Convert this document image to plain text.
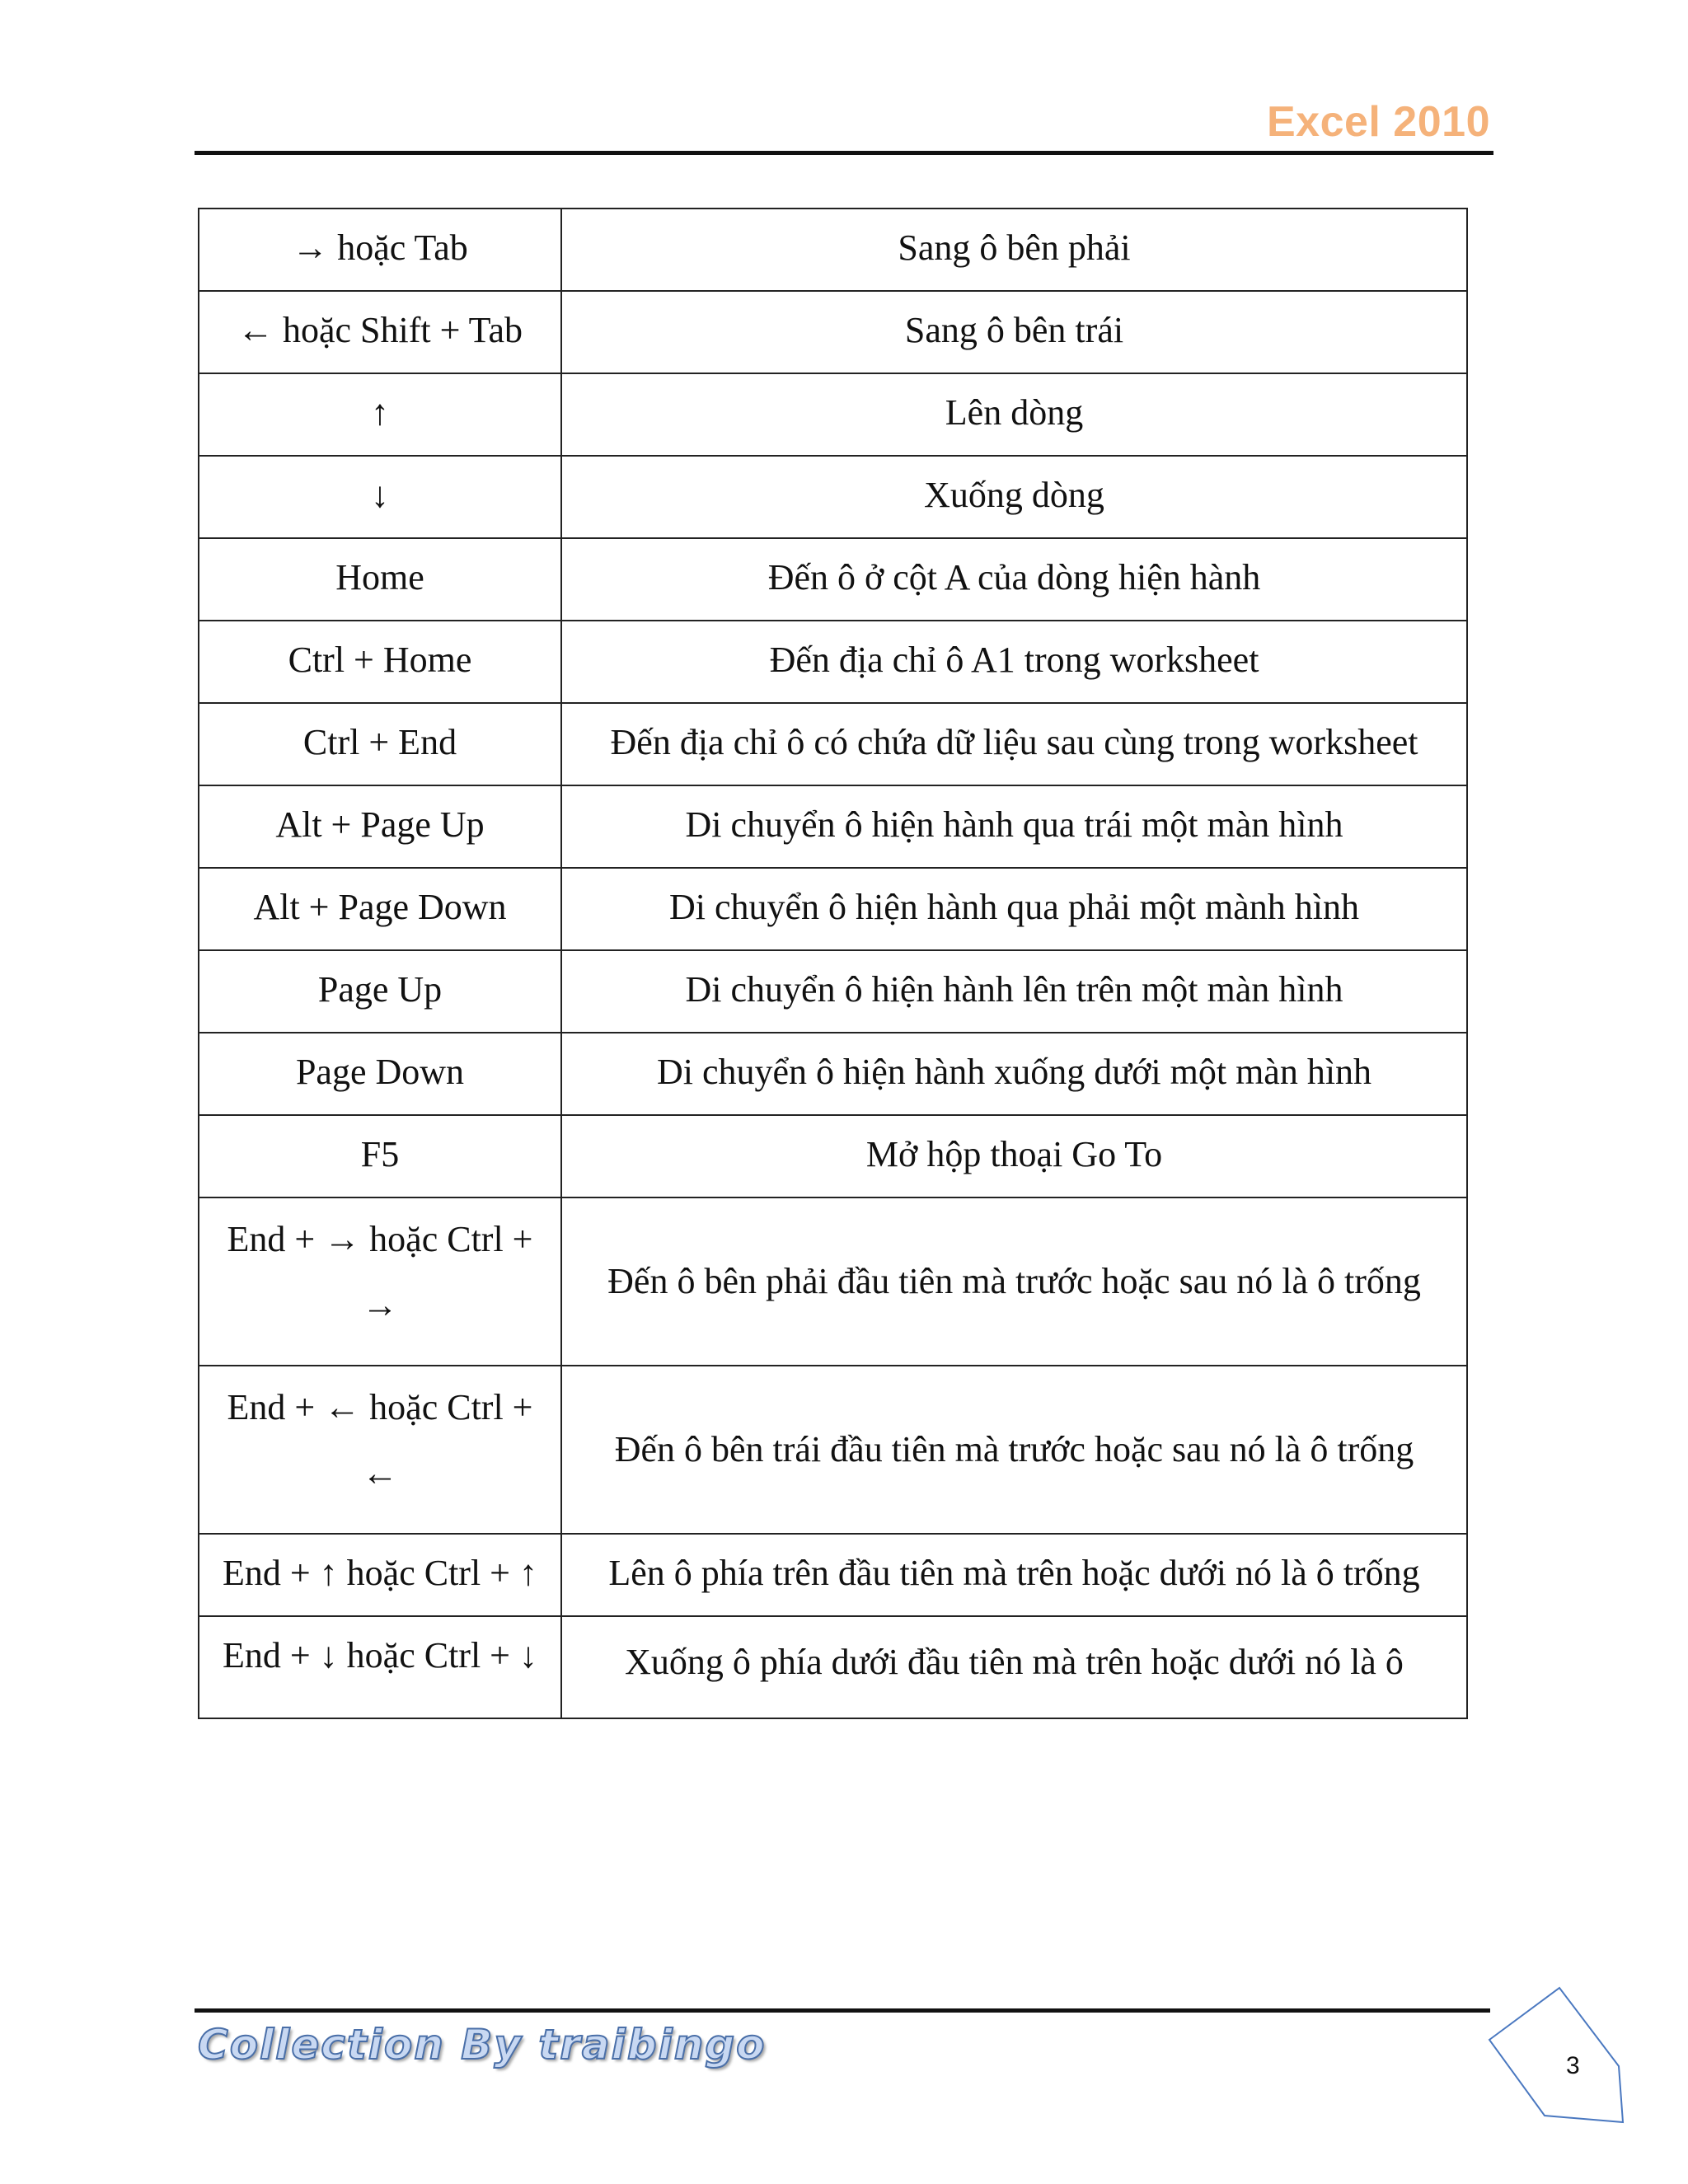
Excel 2010
→ hoặc Tab	Sang ô bên phải
← hoặc Shift + Tab	Sang ô bên trái
↑	Lên dòng
↓	Xuống dòng
Home	Đến ô ở cột A của dòng hiện hành
Ctrl + Home	Đến địa chỉ ô A1 trong worksheet
Ctrl + End	Đến địa chỉ ô có chứa dữ liệu sau cùng trong worksheet
Alt + Page Up	Di chuyển ô hiện hành qua trái một màn hình
Alt + Page Down	Di chuyển ô hiện hành qua phải một mành hình
Page Up	Di chuyển ô hiện hành lên trên một màn hình
Page Down	Di chuyển ô hiện hành xuống dưới một màn hình
F5	Mở hộp thoại Go To
End + → hoặc Ctrl + →	Đến ô bên phải đầu tiên mà trước hoặc sau nó là ô trống
End + ← hoặc Ctrl + ←	Đến ô bên trái đầu tiên mà trước hoặc sau nó là ô trống
End + ↑ hoặc Ctrl + ↑	Lên ô phía trên đầu tiên mà trên hoặc dưới nó là ô trống
End + ↓ hoặc Ctrl + ↓	Xuống ô phía dưới đầu tiên mà trên hoặc dưới nó là ô
Collection By traibingo	3
